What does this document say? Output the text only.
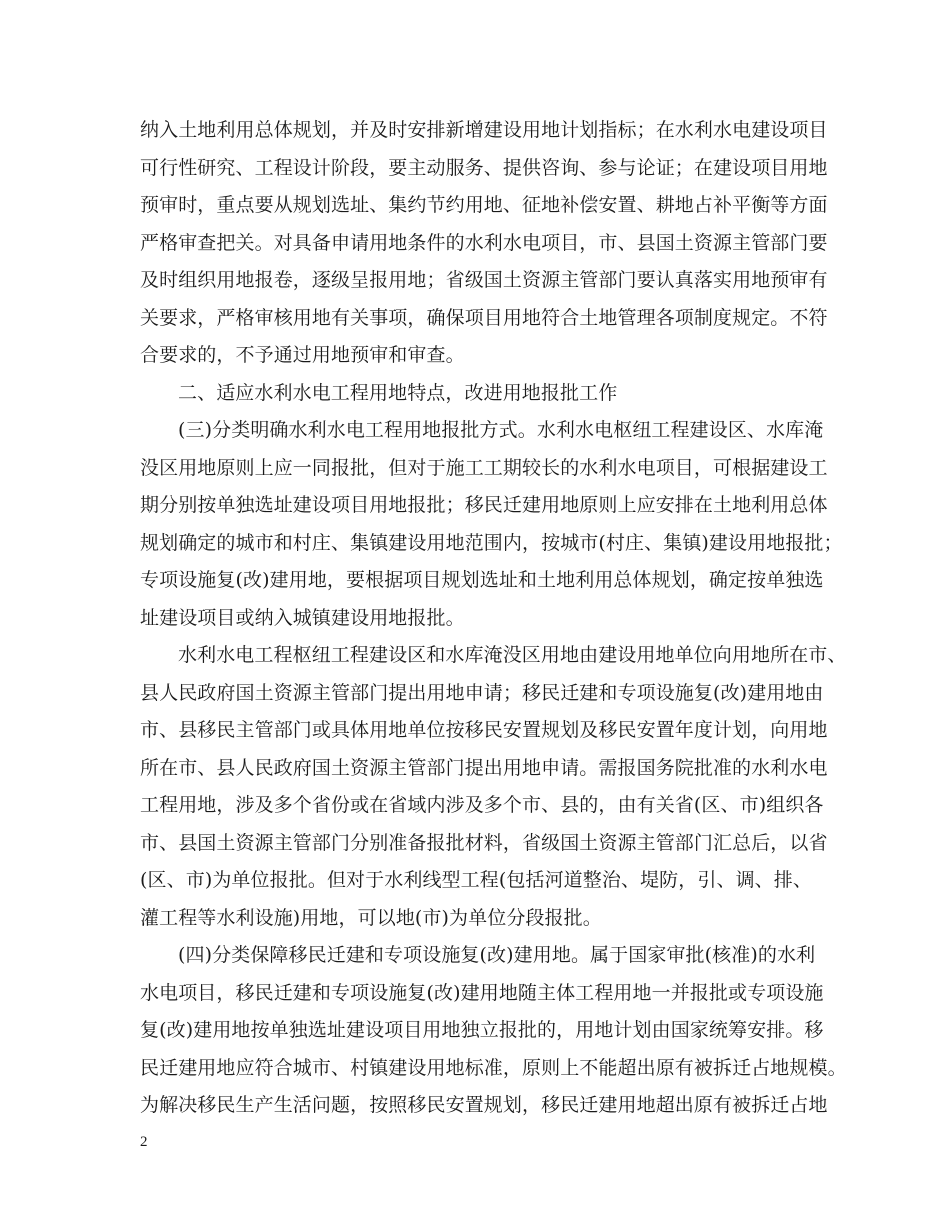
纳入土地利用总体规划，并及时安排新增建设用地计划指标；在水利水电建设项目
可行性研究、工程设计阶段，要主动服务、提供咨询、参与论证；在建设项目用地
预审时，重点要从规划选址、集约节约用地、征地补偿安置、耕地占补平衡等方面
严格审查把关。对具备申请用地条件的水利水电项目，市、县国土资源主管部门要
及时组织用地报卷，逐级呈报用地；省级国土资源主管部门要认真落实用地预审有
关要求，严格审核用地有关事项，确保项目用地符合土地管理各项制度规定。不符
合要求的，不予通过用地预审和审查。
二、适应水利水电工程用地特点，改进用地报批工作
(三)分类明确水利水电工程用地报批方式。水利水电枢纽工程建设区、水库淹
没区用地原则上应一同报批，但对于施工工期较长的水利水电项目，可根据建设工
期分别按单独选址建设项目用地报批；移民迁建用地原则上应安排在土地利用总体
规划确定的城市和村庄、集镇建设用地范围内，按城市(村庄、集镇)建设用地报批；
专项设施复(改)建用地，要根据项目规划选址和土地利用总体规划，确定按单独选
址建设项目或纳入城镇建设用地报批。
水利水电工程枢纽工程建设区和水库淹没区用地由建设用地单位向用地所在市、
县人民政府国土资源主管部门提出用地申请；移民迁建和专项设施复(改)建用地由
市、县移民主管部门或具体用地单位按移民安置规划及移民安置年度计划，向用地
所在市、县人民政府国土资源主管部门提出用地申请。需报国务院批准的水利水电
工程用地，涉及多个省份或在省域内涉及多个市、县的，由有关省(区、市)组织各
市、县国土资源主管部门分别准备报批材料，省级国土资源主管部门汇总后，以省
(区、市)为单位报批。但对于水利线型工程(包括河道整治、堤防，引、调、排、
灌工程等水利设施)用地，可以地(市)为单位分段报批。
(四)分类保障移民迁建和专项设施复(改)建用地。属于国家审批(核准)的水利
水电项目，移民迁建和专项设施复(改)建用地随主体工程用地一并报批或专项设施
复(改)建用地按单独选址建设项目用地独立报批的，用地计划由国家统筹安排。移
民迁建用地应符合城市、村镇建设用地标准，原则上不能超出原有被拆迁占地规模。
为解决移民生产生活问题，按照移民安置规划，移民迁建用地超出原有被拆迁占地
2
